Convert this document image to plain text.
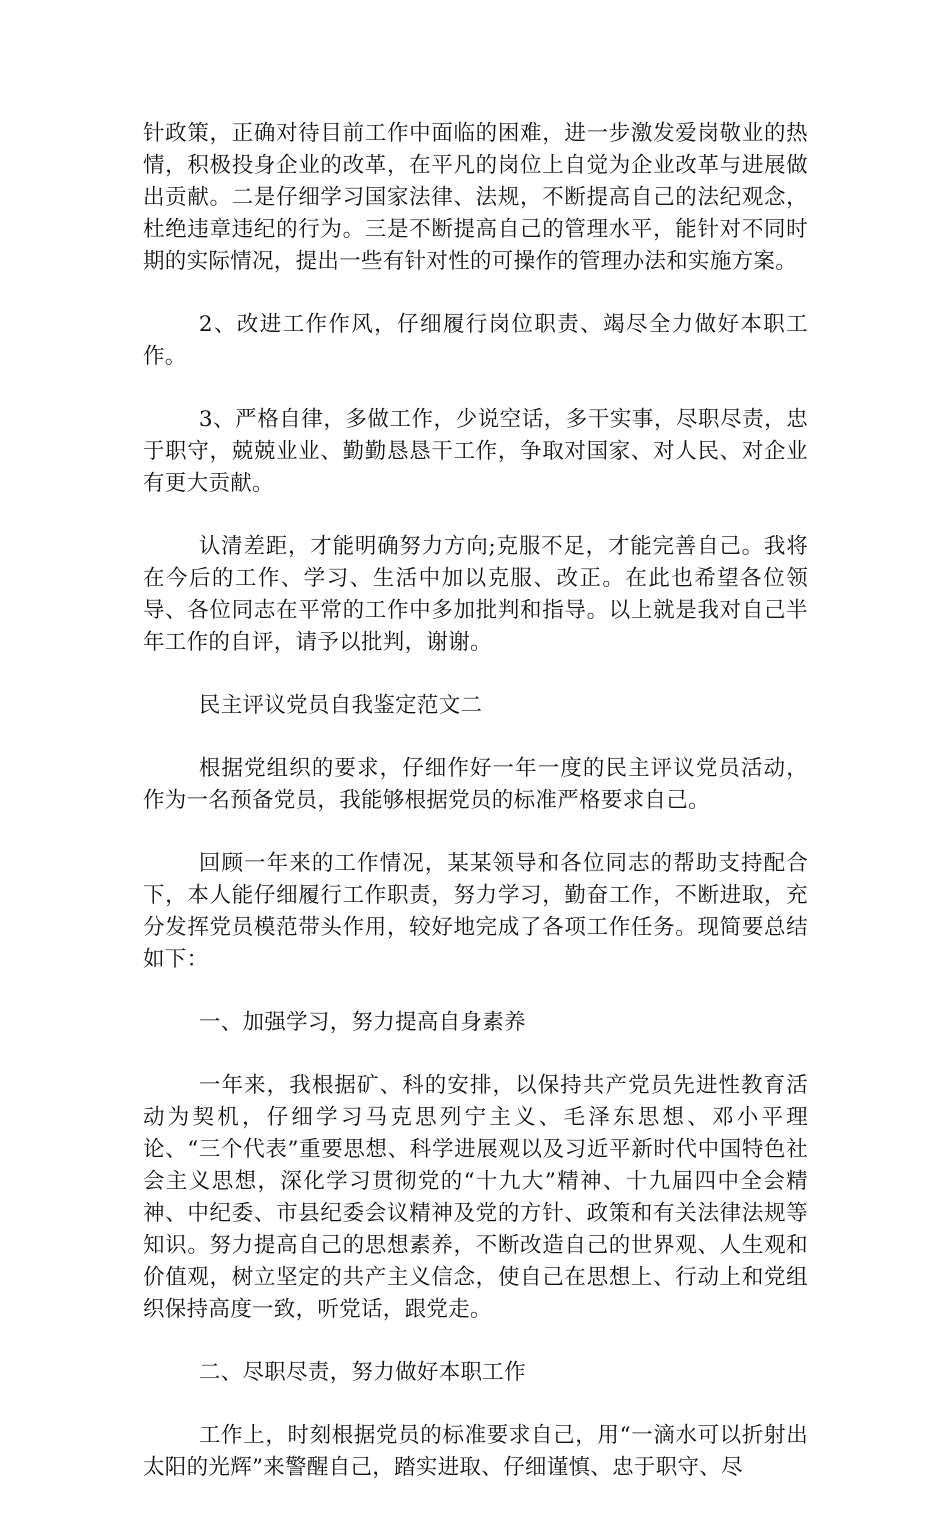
针政策，正确对待目前工作中面临的困难，进一步激发爱岗敬业的热情，积极投身企业的改革，在平凡的岗位上自觉为企业改革与进展做出贡献。二是仔细学习国家法律、法规，不断提高自己的法纪观念，杜绝违章违纪的行为。三是不断提高自己的管理水平，能针对不同时期的实际情况，提出一些有针对性的可操作的管理办法和实施方案。

2、改进工作作风，仔细履行岗位职责、竭尽全力做好本职工作。

3、严格自律，多做工作，少说空话，多干实事，尽职尽责，忠于职守，兢兢业业、勤勤恳恳干工作，争取对国家、对人民、对企业有更大贡献。

认清差距，才能明确努力方向;克服不足，才能完善自己。我将在今后的工作、学习、生活中加以克服、改正。在此也希望各位领导、各位同志在平常的工作中多加批判和指导。以上就是我对自己半年工作的自评，请予以批判，谢谢。

民主评议党员自我鉴定范文二

根据党组织的要求，仔细作好一年一度的民主评议党员活动，作为一名预备党员，我能够根据党员的标准严格要求自己。

回顾一年来的工作情况，某某领导和各位同志的帮助支持配合下，本人能仔细履行工作职责，努力学习，勤奋工作，不断进取，充分发挥党员模范带头作用，较好地完成了各项工作任务。现简要总结如下：

一、加强学习，努力提高自身素养

一年来，我根据矿、科的安排，以保持共产党员先进性教育活动为契机，仔细学习马克思列宁主义、毛泽东思想、邓小平理论、“三个代表”重要思想、科学进展观以及习近平新时代中国特色社会主义思想，深化学习贯彻党的“十九大”精神、十九届四中全会精神、中纪委、市县纪委会议精神及党的方针、政策和有关法律法规等知识。努力提高自己的思想素养，不断改造自己的世界观、人生观和价值观，树立坚定的共产主义信念，使自己在思想上、行动上和党组织保持高度一致，听党话，跟党走。

二、尽职尽责，努力做好本职工作

工作上，时刻根据党员的标准要求自己，用“一滴水可以折射出太阳的光辉”来警醒自己，踏实进取、仔细谨慎、忠于职守、尽
